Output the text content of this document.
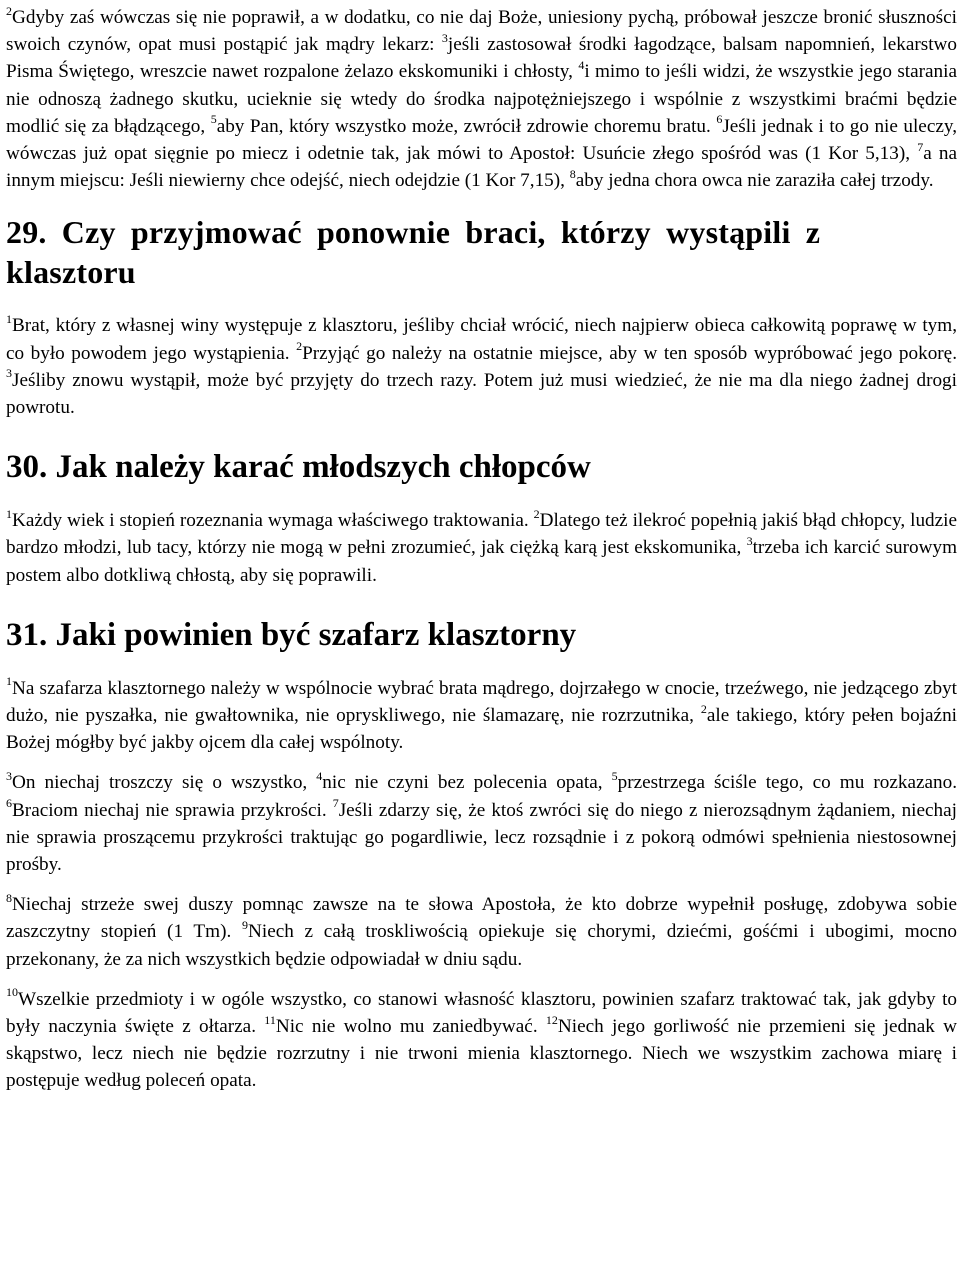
$^2$Gdyby zaś wówczas się nie poprawił, a w dodatku, co nie daj Boże, uniesiony pychą, próbował jeszcze bronić słuszności swoich czynów, opat musi postąpić jak mądry lekarz: $^3$jeśli zastosował środki łagodzące, balsam napomnień, lekarstwo Pisma Świętego, wreszcie nawet rozpalone żelazo ekskomuniki i chłosty, $^4$i mimo to jeśli widzi, że wszystkie jego starania nie odnoszą żadnego skutku, ucieknie się wtedy do środka najpotężniejszego i wspólnie z wszystkimi braćmi będzie modlić się za błądzącego, $^5$aby Pan, który wszystko może, zwrócił zdrowie choremu bratu. $^6$Jeśli jednak i to go nie uleczy, wówczas już opat sięgnie po miecz i odetnie tak, jak mówi to Apostoł: Usuńcie złego spośród was (1 Kor 5,13), $^7$a na innym miejscu: Jeśli niewierny chce odejść, niech odejdzie (1 Kor 7,15), $^8$aby jedna chora owca nie zaraziła całej trzody.

29. Czy przyjmować ponownie braci, którzy wystąpili z klasztoru

$^1$Brat, który z własnej winy występuje z klasztoru, jeśliby chciał wrócić, niech najpierw obieca całkowitą poprawę w tym, co było powodem jego wystąpienia. $^2$Przyjąć go należy na ostatnie miejsce, aby w ten sposób wypróbować jego pokorę. $^3$Jeśliby znowu wystąpił, może być przyjęty do trzech razy. Potem już musi wiedzieć, że nie ma dla niego żadnej drogi powrotu.

30. Jak należy karać młodszych chłopców

$^1$Każdy wiek i stopień rozeznania wymaga właściwego traktowania. $^2$Dlatego też ilekroć popełnią jakiś błąd chłopcy, ludzie bardzo młodzi, lub tacy, którzy nie mogą w pełni zrozumieć, jak ciężką karą jest ekskomunika, $^3$trzeba ich karcić surowym postem albo dotkliwą chłostą, aby się poprawili.

31. Jaki powinien być szafarz klasztorny

$^1$Na szafarza klasztornego należy w wspólnocie wybrać brata mądrego, dojrzałego w cnocie, trzeźwego, nie jedzącego zbyt dużo, nie pyszałka, nie gwałtownika, nie opryskliwego, nie ślamazarę, nie rozrzutnika, $^2$ale takiego, który pełen bojaźni Bożej mógłby być jakby ojcem dla całej wspólnoty.

$^3$On niechaj troszczy się o wszystko, $^4$nic nie czyni bez polecenia opata, $^5$przestrzega ściśle tego, co mu rozkazano. $^6$Braciom niechaj nie sprawia przykrości. $^7$Jeśli zdarzy się, że ktoś zwróci się do niego z nierozsądnym żądaniem, niechaj nie sprawia proszącemu przykrości traktując go pogardliwie, lecz rozsądnie i z pokorą odmówi spełnienia niestosownej prośby.

$^8$Niechaj strzeże swej duszy pomnąc zawsze na te słowa Apostoła, że kto dobrze wypełnił posługę, zdobywa sobie zaszczytny stopień (1 Tm). $^9$Niech z całą troskliwością opiekuje się chorymi, dziećmi, gośćmi i ubogimi, mocno przekonany, że za nich wszystkich będzie odpowiadał w dniu sądu.

$^{10}$Wszelkie przedmioty i w ogóle wszystko, co stanowi własność klasztoru, powinien szafarz traktować tak, jak gdyby to były naczynia święte z ołtarza. $^{11}$Nic nie wolno mu zaniedbywać. $^{12}$Niech jego gorliwość nie przemieni się jednak w skąpstwo, lecz niech nie będzie rozrzutny i nie trwoni mienia klasztornego. Niech we wszystkim zachowa miarę i postępuje według poleceń opata.
